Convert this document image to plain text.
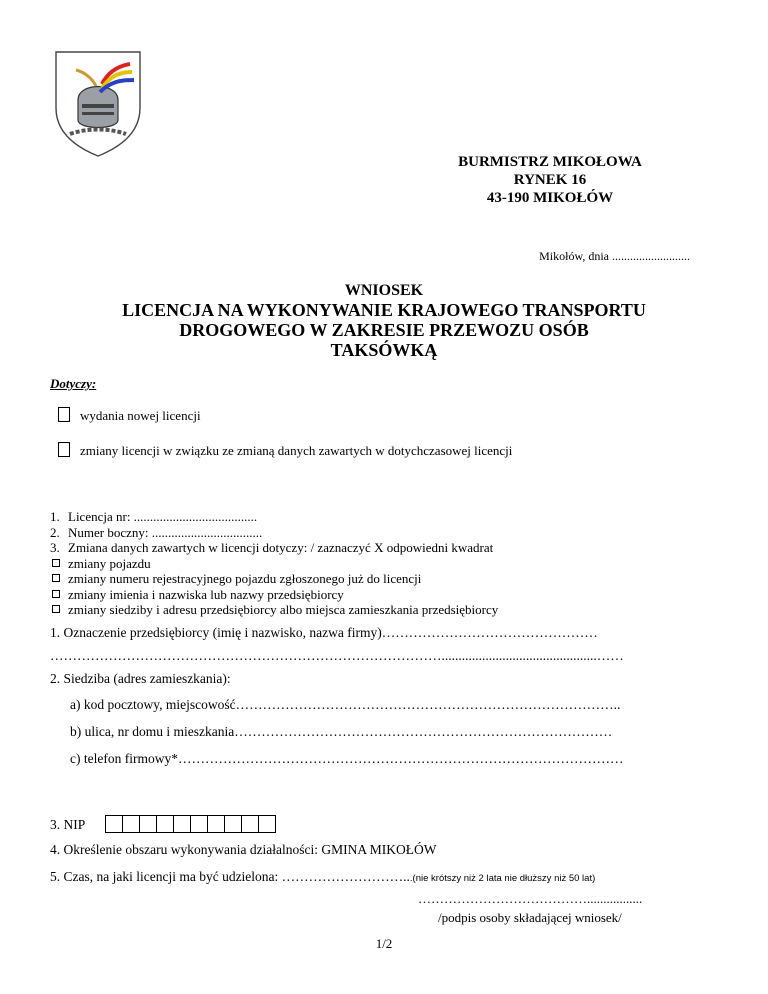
BURMISTRZ MIKOŁOWA
RYNEK 16
43-190 MIKOŁÓW
Mikołów, dnia ..........................
WNIOSEK
LICENCJA NA WYKONYWANIE KRAJOWEGO TRANSPORTU
DROGOWEGO W ZAKRESIE PRZEWOZU OSÓB
TAKSÓWKĄ
Dotyczy:
wydania nowej licencji
zmiany licencji w związku ze zmianą danych zawartych w dotychczasowej licencji
1. Licencja nr: ......................................
2. Numer boczny: ..................................
3. Zmiana danych zawartych w licencji dotyczy: / zaznaczyć X odpowiedni kwadrat
zmiany pojazdu
zmiany numeru rejestracyjnego pojazdu zgłoszonego już do licencji
zmiany imienia i nazwiska lub nazwy przedsiębiorcy
zmiany siedziby i adresu przedsiębiorcy albo miejsca zamieszkania przedsiębiorcy
1. Oznaczenie przedsiębiorcy (imię i nazwisko, nazwa firmy)…………………………………………
……………………………………………………………………………..............................................……
2. Siedziba (adres zamieszkania):
a) kod pocztowy, miejscowość…………………………………………………………………………..
b) ulica, nr domu i mieszkania…………………………………………………………………………
c) telefon firmowy*………………………………………………………………………………………
3. NIP
4. Określenie obszaru wykonywania działalności: GMINA MIKOŁÓW
5. Czas, na jaki licencji ma być udzielona: ………………………...(nie krótszy niż 2 lata nie dłuższy niż 50 lat)
………………………………….................
/podpis osoby składającej wniosek/
1/2
